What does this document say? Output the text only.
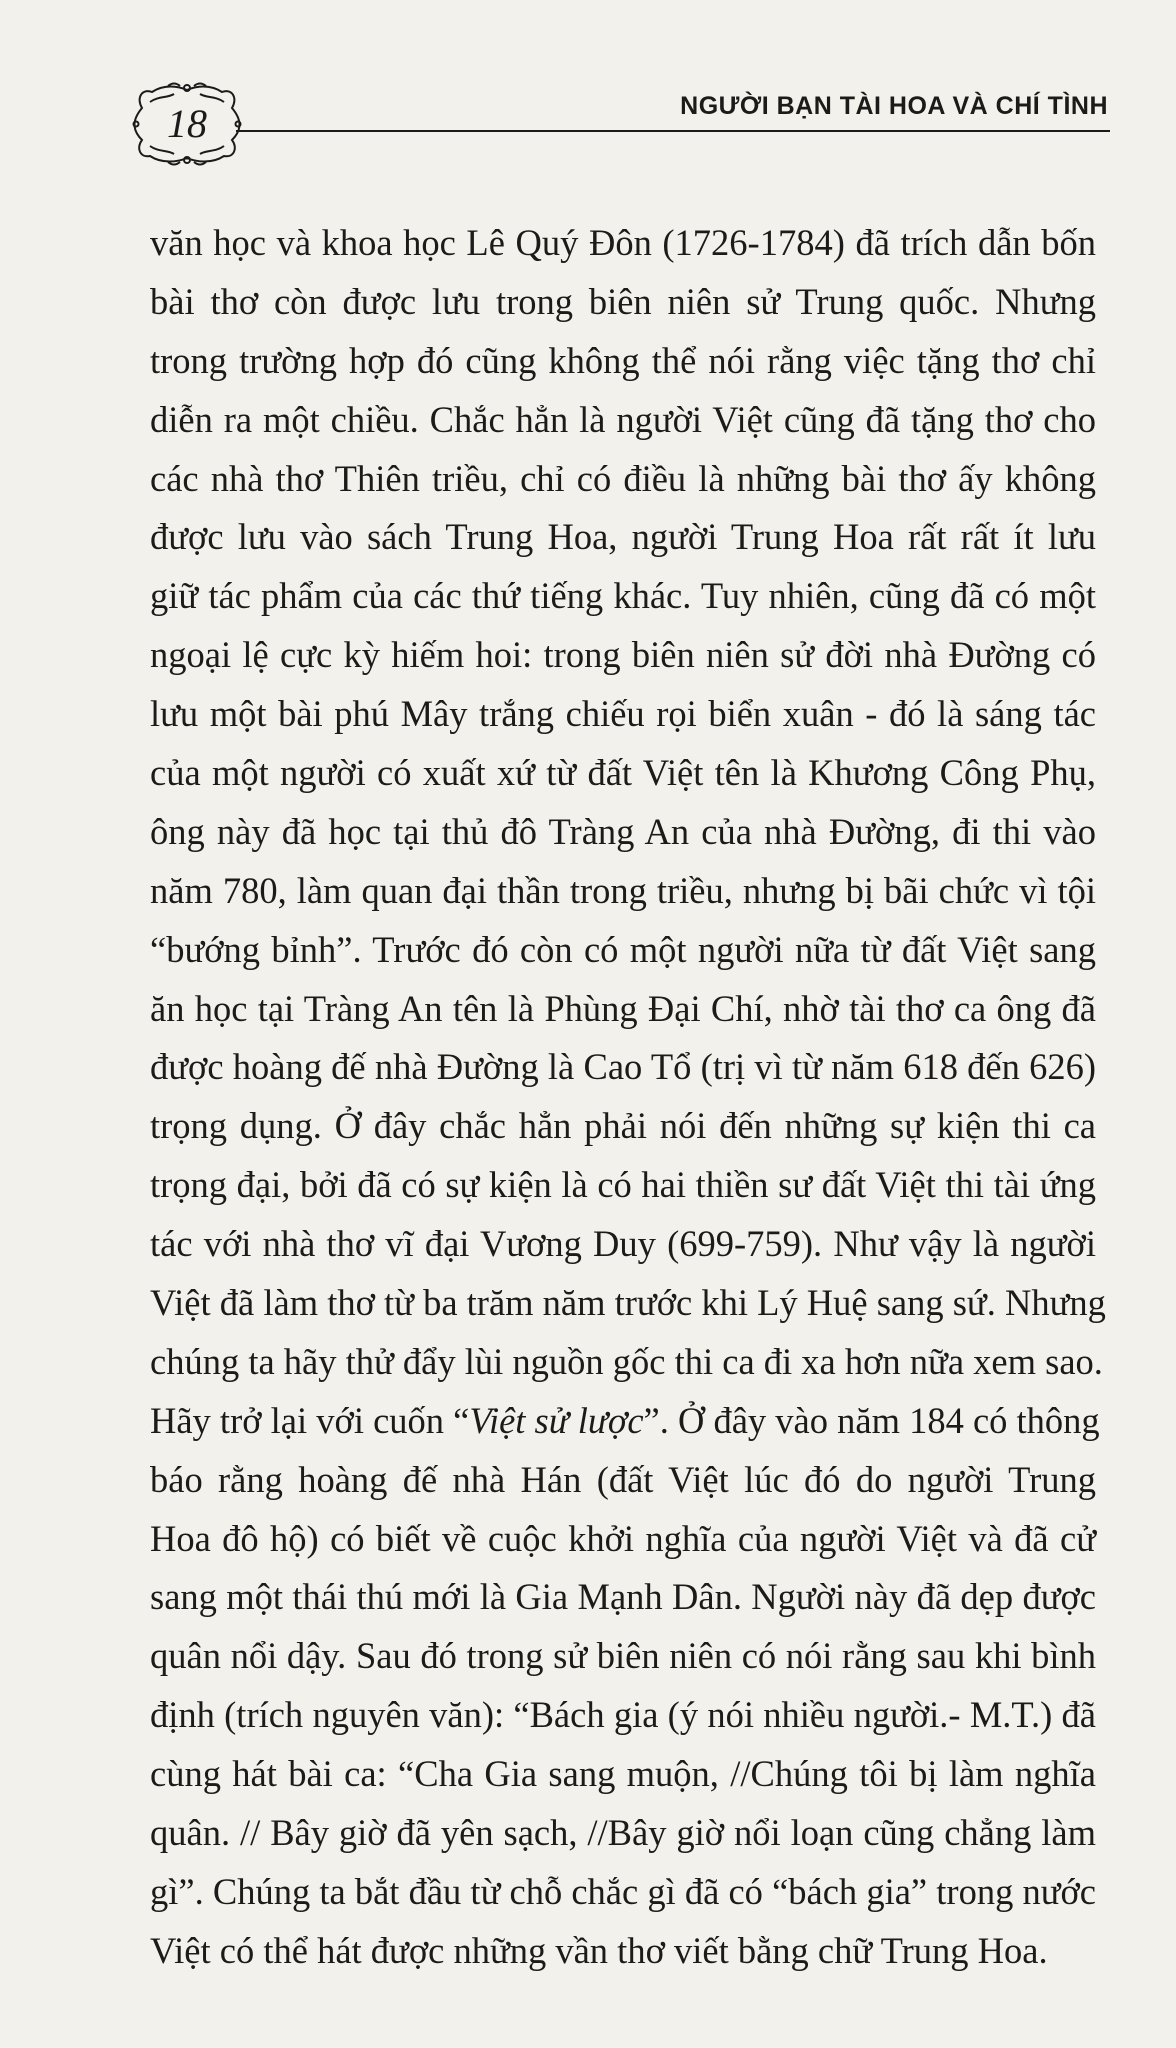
18	NGƯỜI BẠN TÀI HOA VÀ CHÍ TÌNH
văn học và khoa học Lê Quý Đôn (1726-1784) đã trích dẫn bốn
bài thơ còn được lưu trong biên niên sử Trung quốc. Nhưng
trong trường hợp đó cũng không thể nói rằng việc tặng thơ chỉ
diễn ra một chiều. Chắc hẳn là người Việt cũng đã tặng thơ cho
các nhà thơ Thiên triều, chỉ có điều là những bài thơ ấy không
được lưu vào sách Trung Hoa, người Trung Hoa rất rất ít lưu
giữ tác phẩm của các thứ tiếng khác. Tuy nhiên, cũng đã có một
ngoại lệ cực kỳ hiếm hoi: trong biên niên sử đời nhà Đường có
lưu một bài phú Mây trắng chiếu rọi biển xuân - đó là sáng tác
của một người có xuất xứ từ đất Việt tên là Khương Công Phụ,
ông này đã học tại thủ đô Tràng An của nhà Đường, đi thi vào
năm 780, làm quan đại thần trong triều, nhưng bị bãi chức vì tội
“bướng bỉnh”. Trước đó còn có một người nữa từ đất Việt sang
ăn học tại Tràng An tên là Phùng Đại Chí, nhờ tài thơ ca ông đã
được hoàng đế nhà Đường là Cao Tổ (trị vì từ năm 618 đến 626)
trọng dụng. Ở đây chắc hẳn phải nói đến những sự kiện thi ca
trọng đại, bởi đã có sự kiện là có hai thiền sư đất Việt thi tài ứng
tác với nhà thơ vĩ đại Vương Duy (699-759). Như vậy là người
Việt đã làm thơ từ ba trăm năm trước khi Lý Huệ sang sứ. Nhưng
chúng ta hãy thử đẩy lùi nguồn gốc thi ca đi xa hơn nữa xem sao.
Hãy trở lại với cuốn “Việt sử lược”. Ở đây vào năm 184 có thông
báo rằng hoàng đế nhà Hán (đất Việt lúc đó do người Trung
Hoa đô hộ) có biết về cuộc khởi nghĩa của người Việt và đã cử
sang một thái thú mới là Gia Mạnh Dân. Người này đã dẹp được
quân nổi dậy. Sau đó trong sử biên niên có nói rằng sau khi bình
định (trích nguyên văn): “Bách gia (ý nói nhiều người.- M.T.) đã
cùng hát bài ca: “Cha Gia sang muộn, //Chúng tôi bị làm nghĩa
quân. // Bây giờ đã yên sạch, //Bây giờ nổi loạn cũng chẳng làm
gì”. Chúng ta bắt đầu từ chỗ chắc gì đã có “bách gia” trong nước
Việt có thể hát được những vần thơ viết bằng chữ Trung Hoa.
